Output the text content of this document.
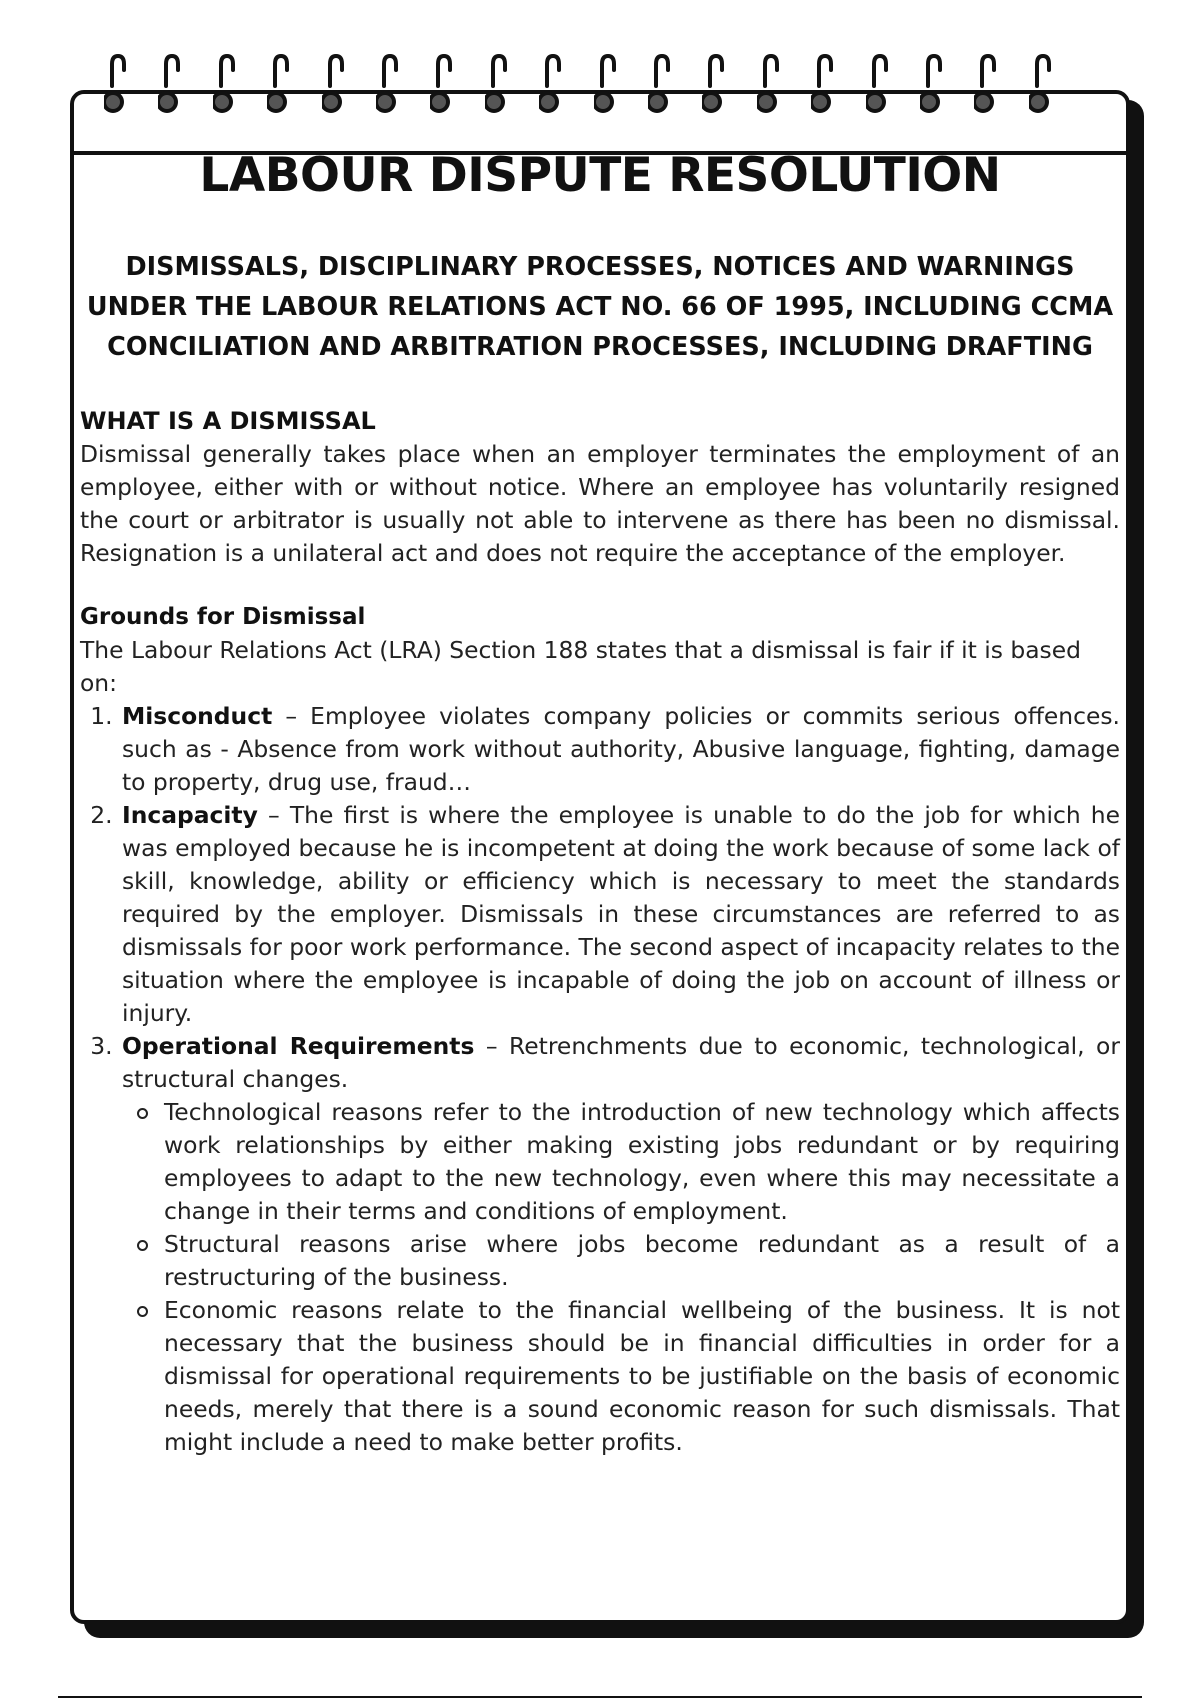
LABOUR DISPUTE RESOLUTION
DISMISSALS, DISCIPLINARY PROCESSES, NOTICES AND WARNINGS UNDER THE LABOUR RELATIONS ACT NO. 66 OF 1995, INCLUDING CCMA CONCILIATION AND ARBITRATION PROCESSES, INCLUDING DRAFTING
WHAT IS A DISMISSAL

Dismissal generally takes place when an employer terminates the employment of an employee, either with or without notice. Where an employee has voluntarily resigned the court or arbitrator is usually not able to intervene as there has been no dismissal. Resignation is a unilateral act and does not require the acceptance of the employer.

Grounds for Dismissal

The Labour Relations Act (LRA) Section 188 states that a dismissal is fair if it is based on:

1. Misconduct – Employee violates company policies or commits serious offences. such as - Absence from work without authority, Abusive language, fighting, damage to property, drug use, fraud…
2. Incapacity – The first is where the employee is unable to do the job for which he was employed because he is incompetent at doing the work because of some lack of skill, knowledge, ability or efficiency which is necessary to meet the standards required by the employer. Dismissals in these circumstances are referred to as dismissals for poor work performance. The second aspect of incapacity relates to the situation where the employee is incapable of doing the job on account of illness or injury.
3. Operational Requirements – Retrenchments due to economic, technological, or structural changes.
Technological reasons refer to the introduction of new technology which affects work relationships by either making existing jobs redundant or by requiring employees to adapt to the new technology, even where this may necessitate a change in their terms and conditions of employment.
Structural reasons arise where jobs become redundant as a result of a restructuring of the business.
Economic reasons relate to the financial wellbeing of the business. It is not necessary that the business should be in financial difficulties in order for a dismissal for operational requirements to be justifiable on the basis of economic needs, merely that there is a sound economic reason for such dismissals. That might include a need to make better profits.
